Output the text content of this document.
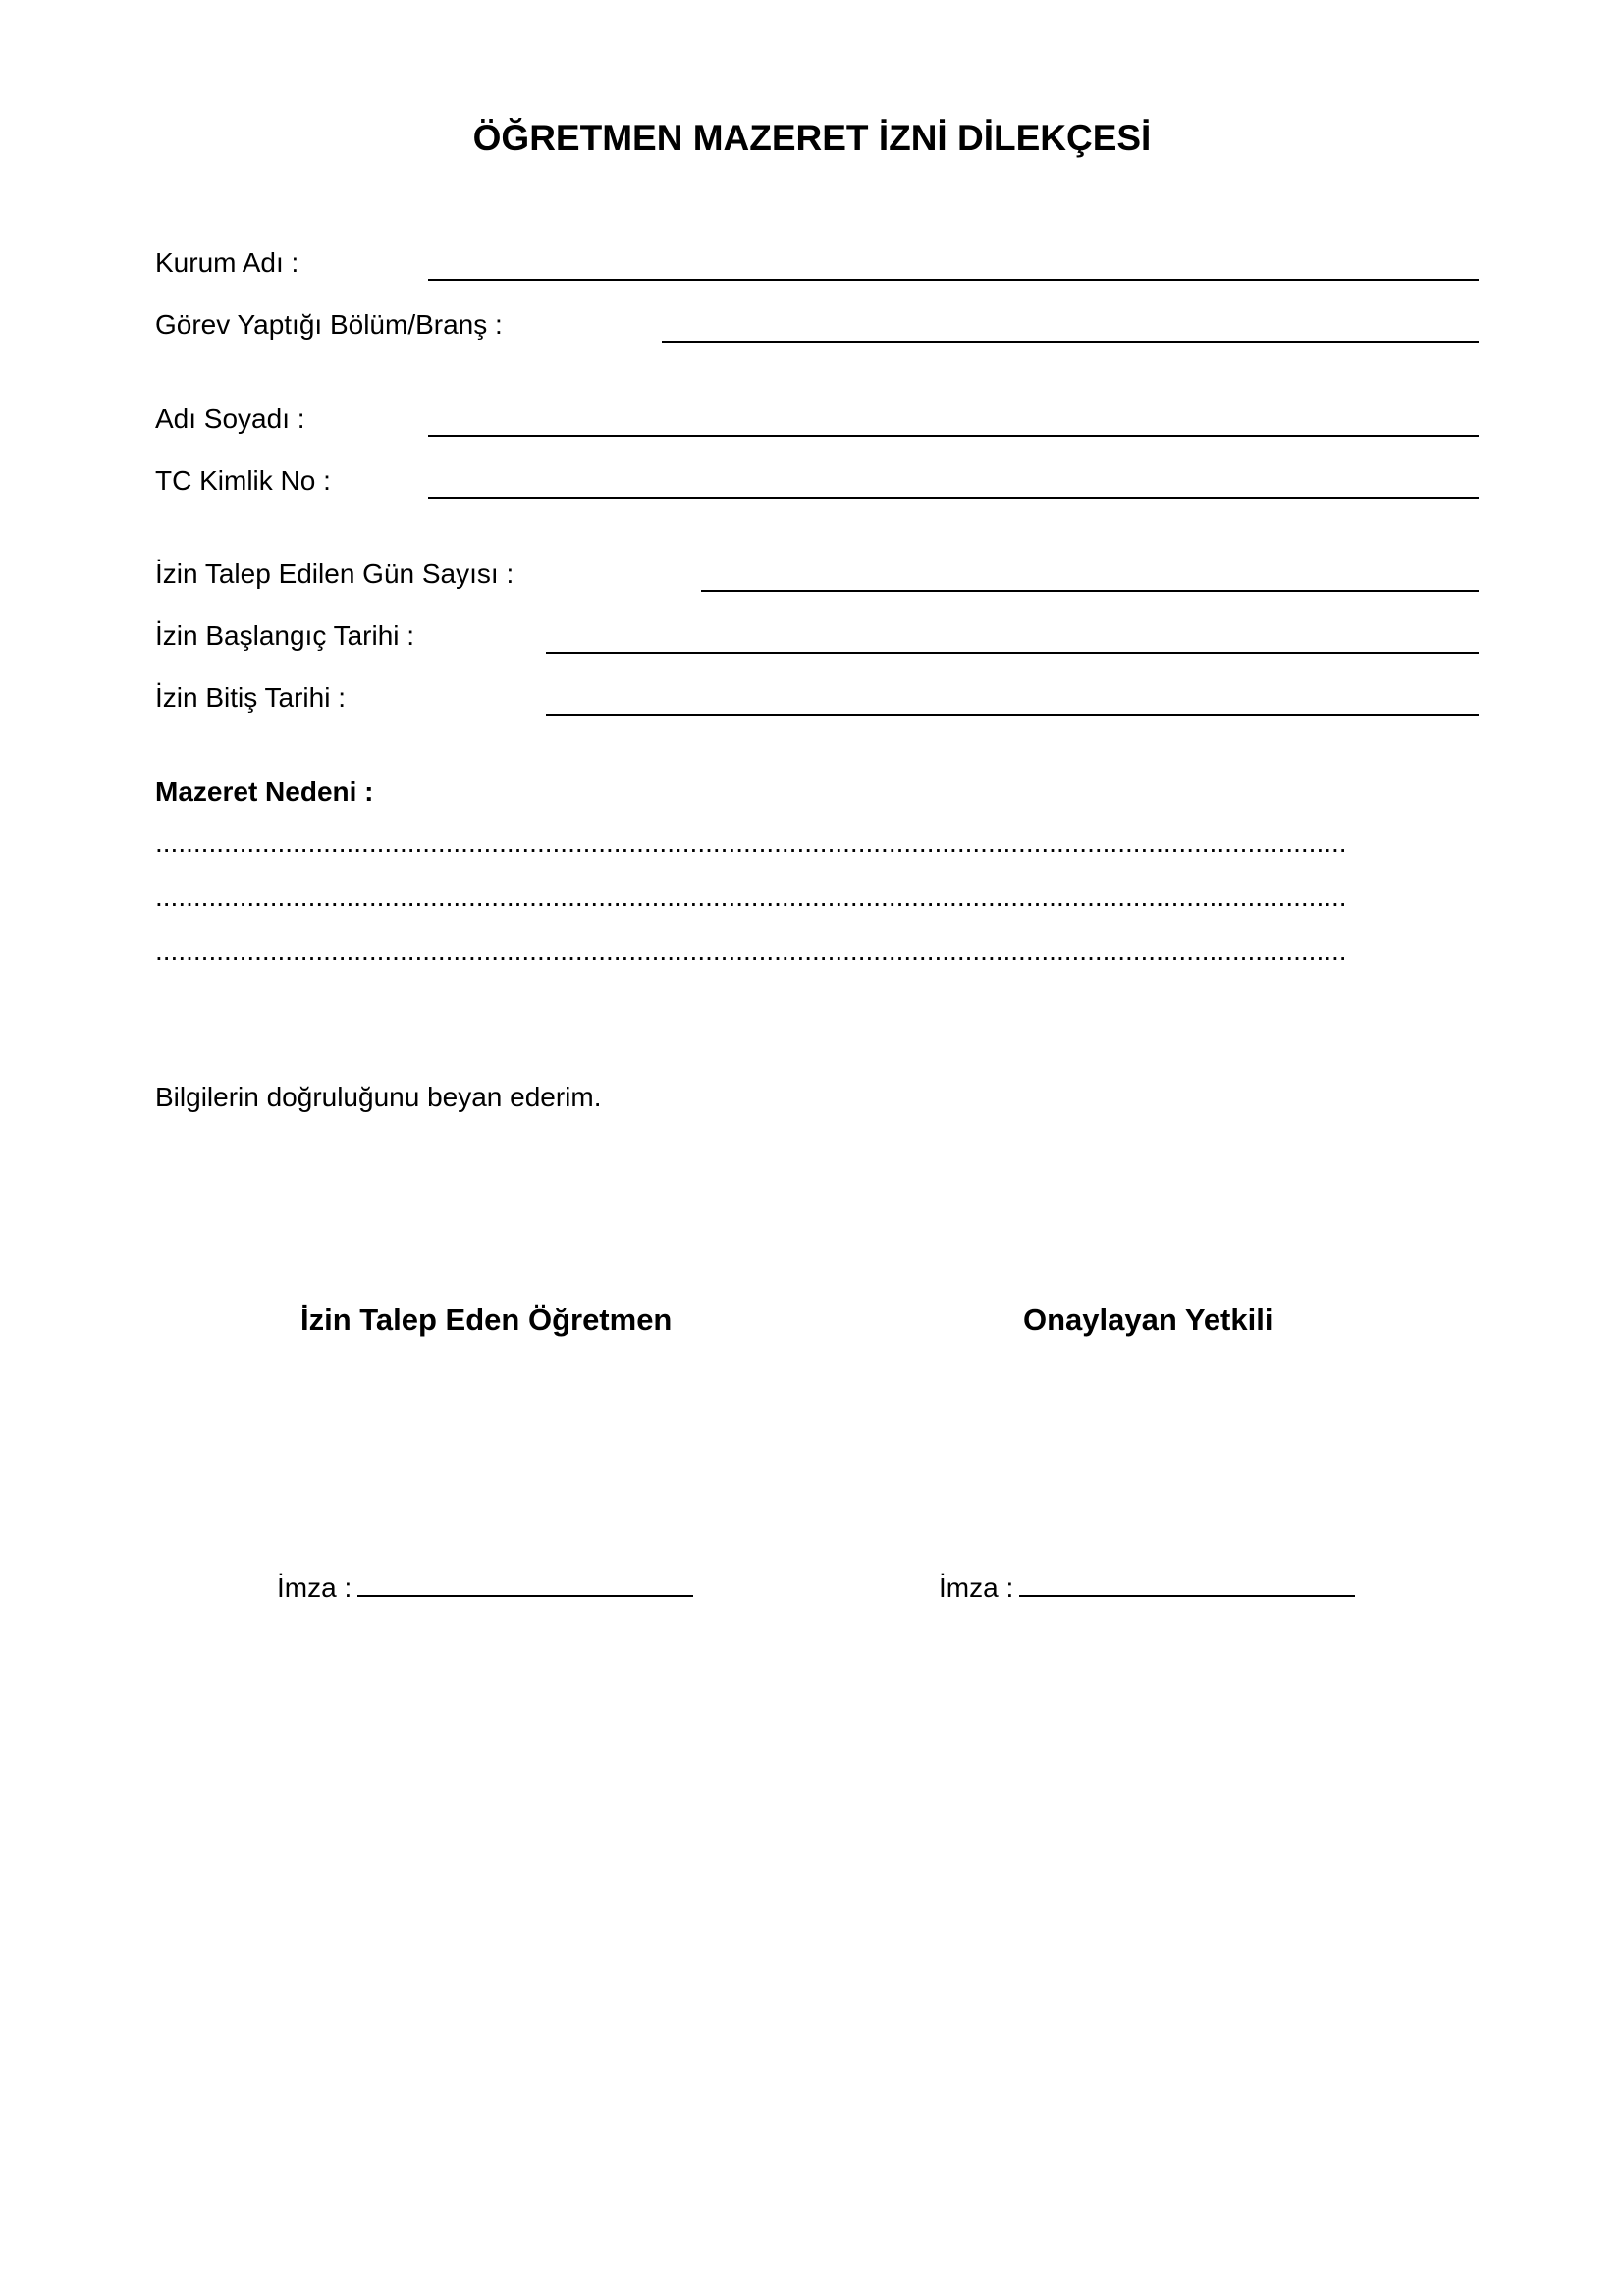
ÖĞRETMEN MAZERET İZNİ DİLEKÇESİ
Kurum Adı :
Görev Yaptığı Bölüm/Branş :
Adı Soyadı :
TC Kimlik No :
İzin Talep Edilen Gün Sayısı :
İzin Başlangıç Tarihi :
İzin Bitiş Tarihi :
Mazeret Nedeni :
............................................................................................................................................................
............................................................................................................................................................
............................................................................................................................................................
Bilgilerin doğruluğunu beyan ederim.
İzin Talep Eden Öğretmen	Onaylayan Yetkili
İmza :	İmza :
